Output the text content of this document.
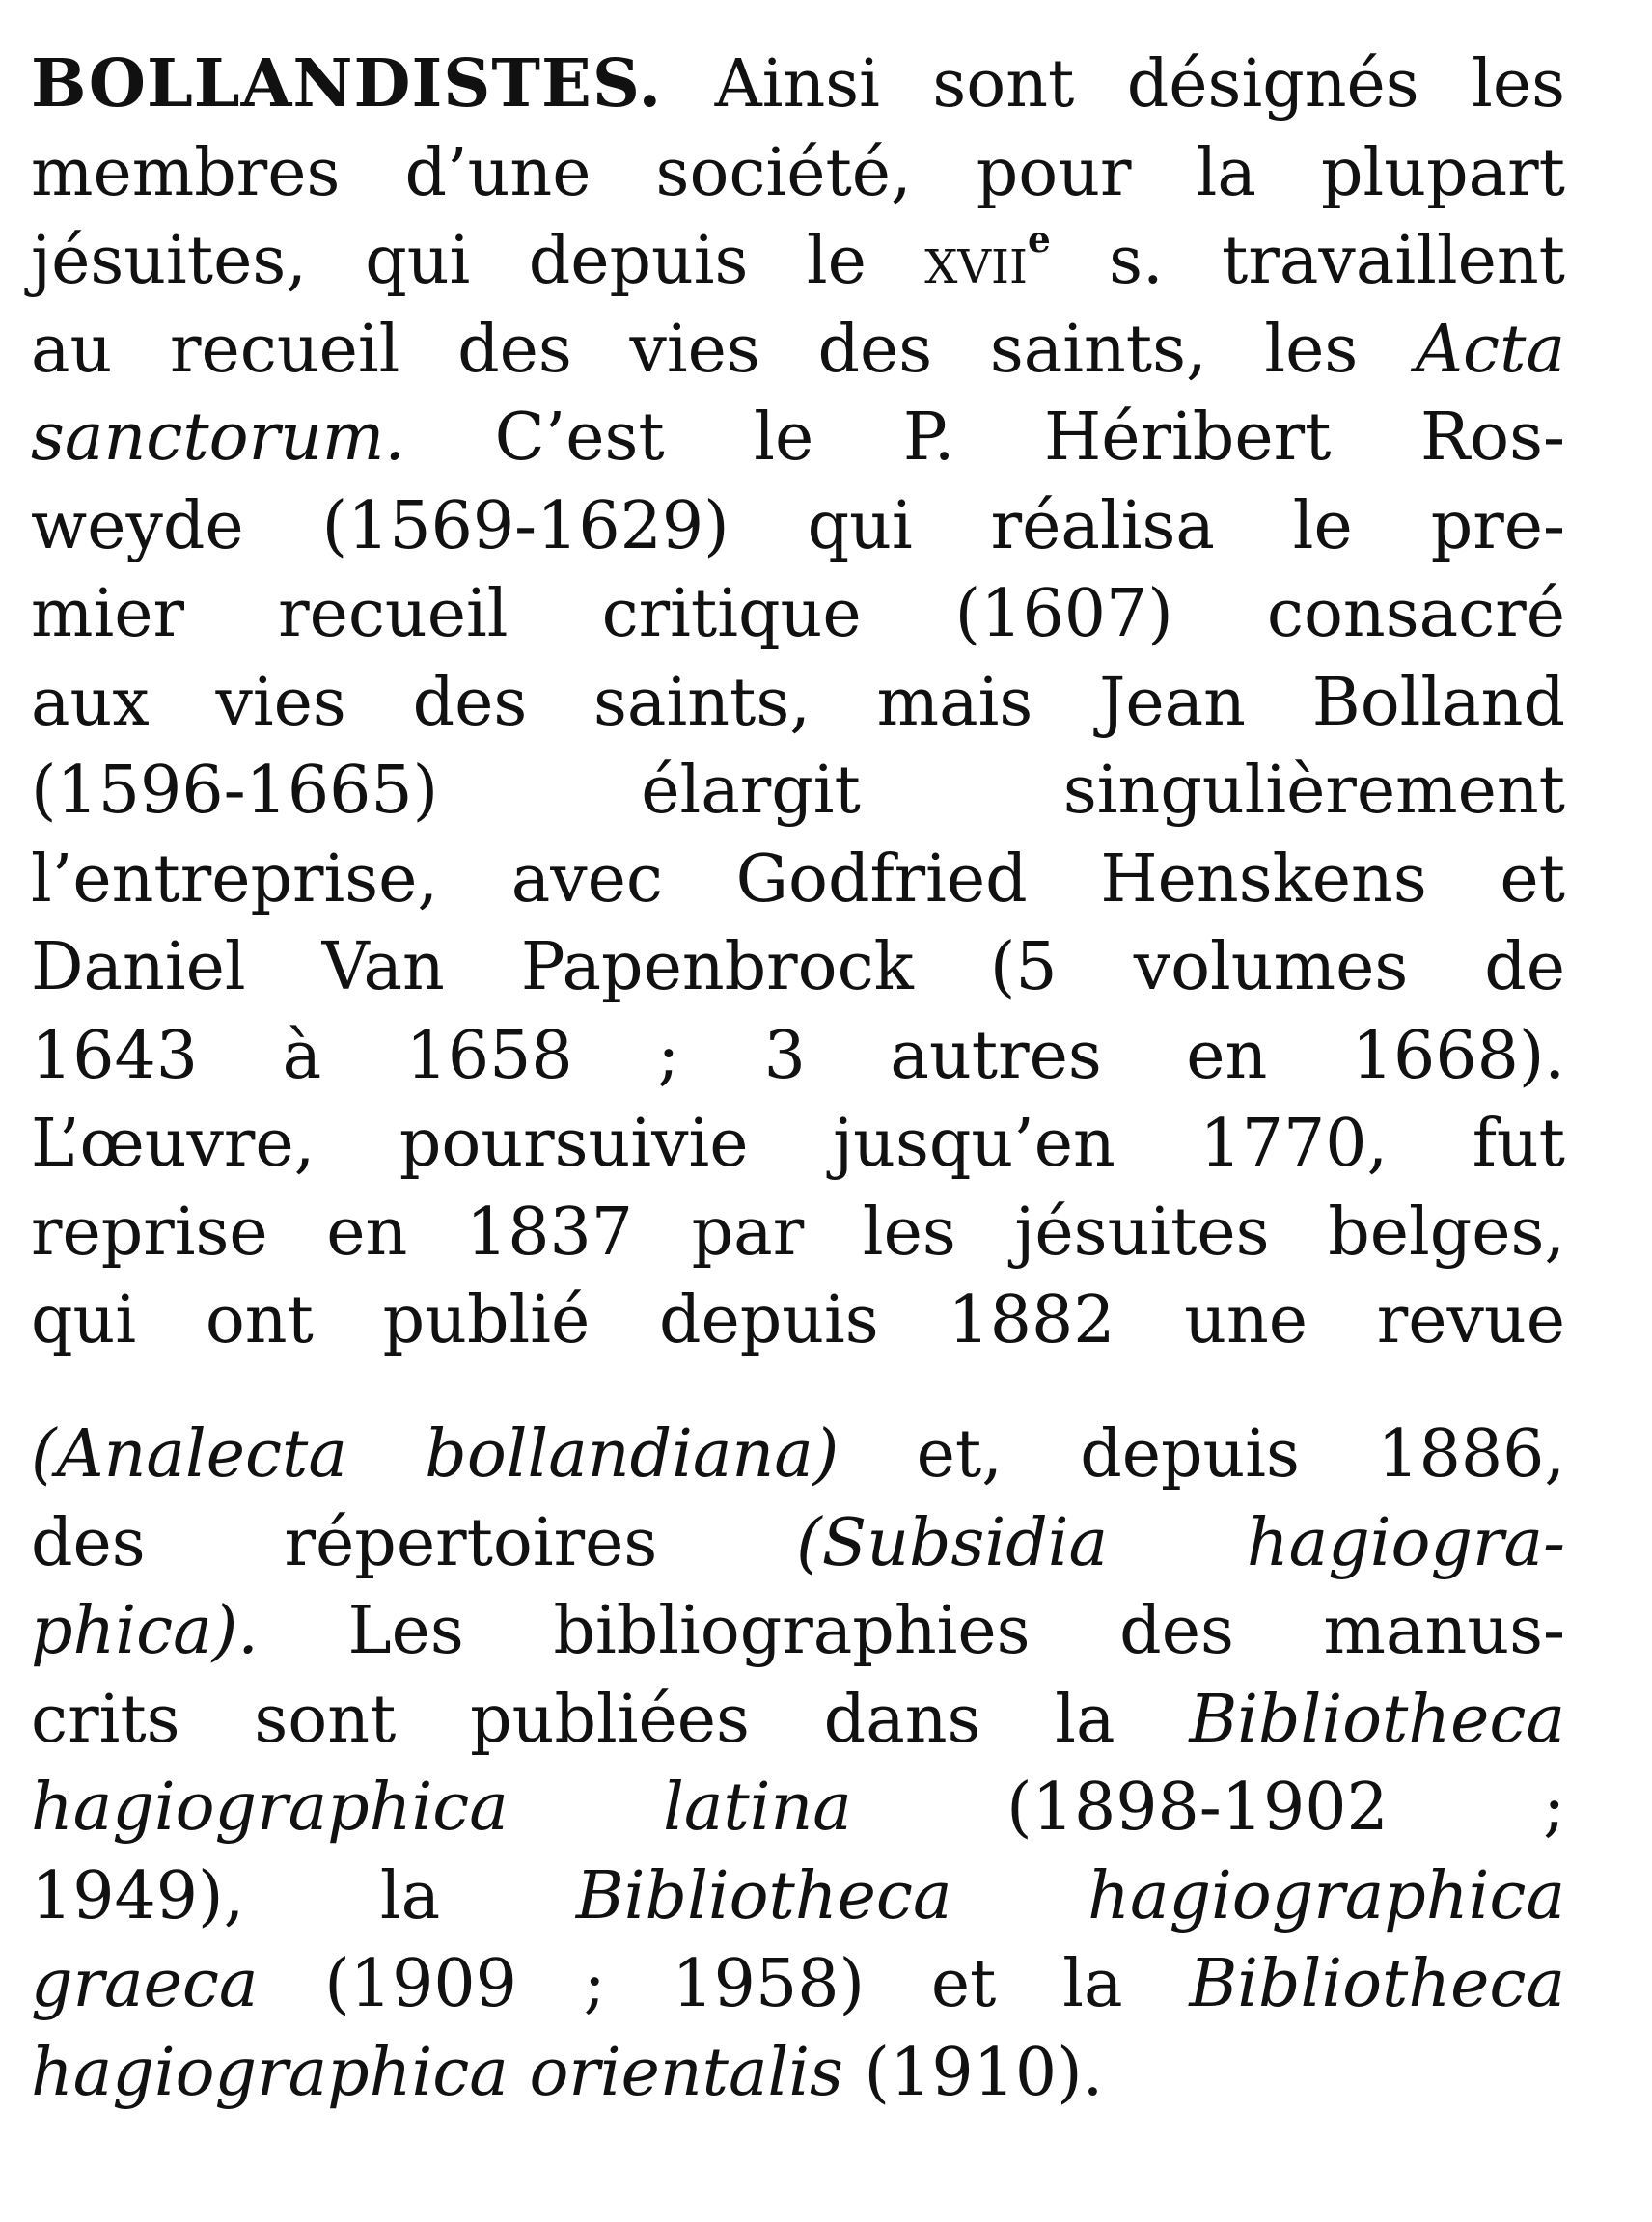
BOLLANDISTES. Ainsi sont désignés les
membres d’une société, pour la plupart
jésuites, qui depuis le xvii$^e$ s. travaillent
au recueil des vies des saints, les Acta
sanctorum. C’est le P. Héribert Ros-
weyde (1569-1629) qui réalisa le pre-
mier recueil critique (1607) consacré
aux vies des saints, mais Jean Bolland
(1596-1665) élargit singulièrement
l’entreprise, avec Godfried Henskens et
Daniel Van Papenbrock (5 volumes de
1643 à 1658 ; 3 autres en 1668).
L’œuvre, poursuivie jusqu’en 1770, fut
reprise en 1837 par les jésuites belges,
qui ont publié depuis 1882 une revue
(Analecta bollandiana) et, depuis 1886,
des répertoires (Subsidia hagiogra-
phica). Les bibliographies des manus-
crits sont publiées dans la Bibliotheca
hagiographica latina (1898-1902 ;
1949), la Bibliotheca hagiographica
graeca (1909 ; 1958) et la Bibliotheca
hagiographica orientalis (1910).
